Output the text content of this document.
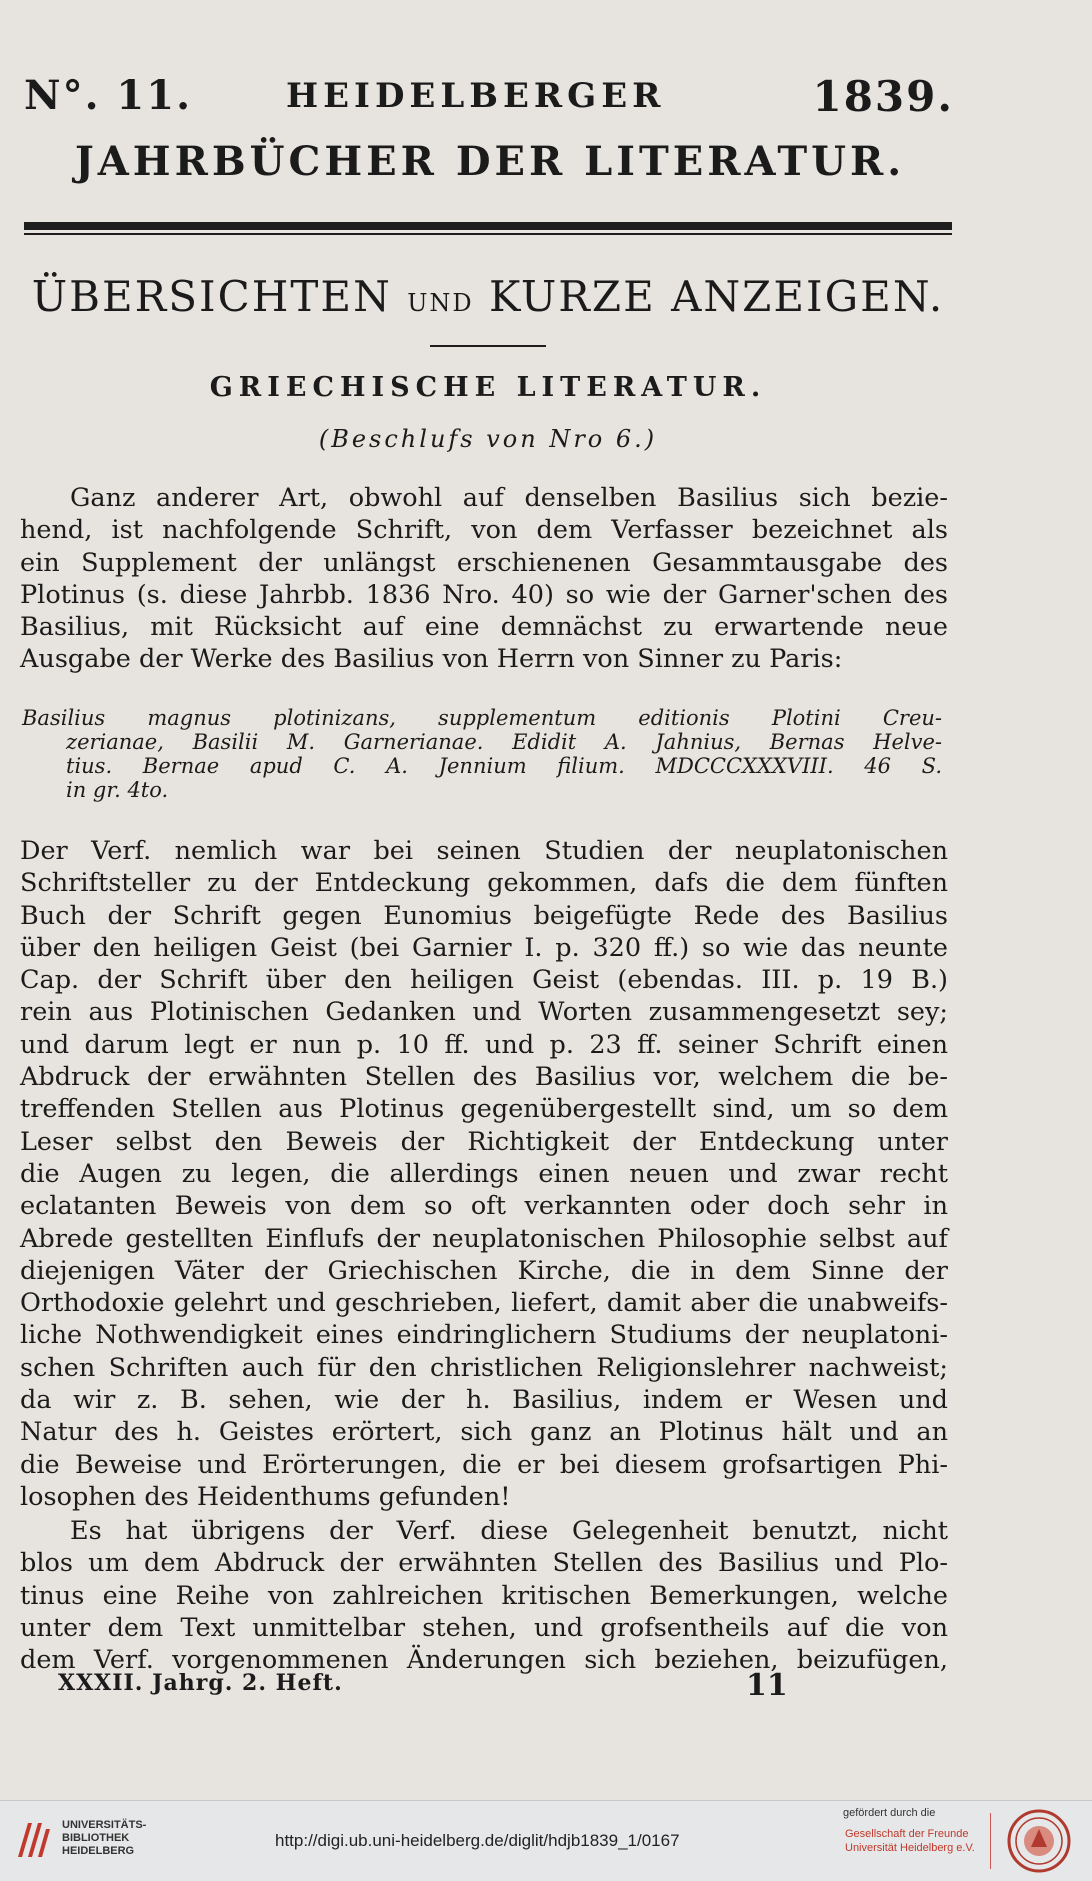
N°. 11.	HEIDELBERGER	1839.
JAHRBÜCHER DER LITERATUR.
ÜBERSICHTEN UND KURZE ANZEIGEN.
GRIECHISCHE LITERATUR.
(Beschlufs von Nro 6.)
Ganz anderer Art, obwohl auf denselben Basilius sich bezie-
hend, ist nachfolgende Schrift, von dem Verfasser bezeichnet als
ein Supplement der unlängst erschienenen Gesammtausgabe des
Plotinus (s. diese Jahrbb. 1836 Nro. 40) so wie der Garner'schen des
Basilius, mit Rücksicht auf eine demnächst zu erwartende neue
Ausgabe der Werke des Basilius von Herrn von Sinner zu Paris:
Basilius magnus plotinizans, supplementum editionis Plotini Creu-
zerianae, Basilii M. Garnerianae. Edidit A. Jahnius, Bernas Helve-
tius. Bernae apud C. A. Jennium filium. MDCCCXXXVIII. 46 S.
in gr. 4to.
Der Verf. nemlich war bei seinen Studien der neuplatonischen
Schriftsteller zu der Entdeckung gekommen, dafs die dem fünften
Buch der Schrift gegen Eunomius beigefügte Rede des Basilius
über den heiligen Geist (bei Garnier I. p. 320 ff.) so wie das neunte
Cap. der Schrift über den heiligen Geist (ebendas. III. p. 19 B.)
rein aus Plotinischen Gedanken und Worten zusammengesetzt sey;
und darum legt er nun p. 10 ff. und p. 23 ff. seiner Schrift einen
Abdruck der erwähnten Stellen des Basilius vor, welchem die be-
treffenden Stellen aus Plotinus gegenübergestellt sind, um so dem
Leser selbst den Beweis der Richtigkeit der Entdeckung unter
die Augen zu legen, die allerdings einen neuen und zwar recht
eclatanten Beweis von dem so oft verkannten oder doch sehr in
Abrede gestellten Einflufs der neuplatonischen Philosophie selbst auf
diejenigen Väter der Griechischen Kirche, die in dem Sinne der
Orthodoxie gelehrt und geschrieben, liefert, damit aber die unabweifs-
liche Nothwendigkeit eines eindringlichern Studiums der neuplatoni-
schen Schriften auch für den christlichen Religionslehrer nachweist;
da wir z. B. sehen, wie der h. Basilius, indem er Wesen und
Natur des h. Geistes erörtert, sich ganz an Plotinus hält und an
die Beweise und Erörterungen, die er bei diesem grofsartigen Phi-
losophen des Heidenthums gefunden!
Es hat übrigens der Verf. diese Gelegenheit benutzt, nicht
blos um dem Abdruck der erwähnten Stellen des Basilius und Plo-
tinus eine Reihe von zahlreichen kritischen Bemerkungen, welche
unter dem Text unmittelbar stehen, und grofsentheils auf die von
dem Verf. vorgenommenen Änderungen sich beziehen, beizufügen,
XXXII. Jahrg. 2. Heft.	11
UNIVERSITÄTS-
BIBLIOTHEK
HEIDELBERG
http://digi.ub.uni-heidelberg.de/diglit/hdjb1839_1/0167
gefördert durch die
Gesellschaft der Freunde
Universität Heidelberg e.V.
